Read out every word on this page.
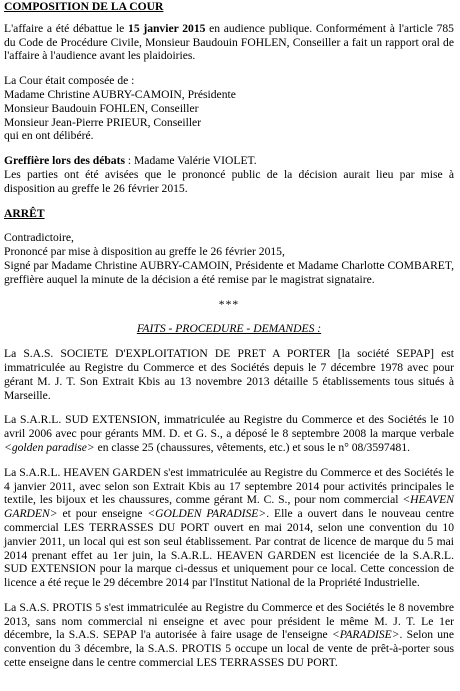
COMPOSITION DE LA COUR

L'affaire a été débattue le 15 janvier 2015 en audience publique. Conformément à l'article 785 du Code de Procédure Civile, Monsieur Baudouin FOHLEN, Conseiller a fait un rapport oral de l'affaire à l'audience avant les plaidoiries.

La Cour était composée de :

Madame Christine AUBRY-CAMOIN, Présidente

Monsieur Baudouin FOHLEN, Conseiller

Monsieur Jean-Pierre PRIEUR, Conseiller

qui en ont délibéré.

Greffière lors des débats : Madame Valérie VIOLET.

Les parties ont été avisées que le prononcé public de la décision aurait lieu par mise à disposition au greffe le 26 février 2015.

ARRÊT

Contradictoire,

Prononcé par mise à disposition au greffe le 26 février 2015,

Signé par Madame Christine AUBRY-CAMOIN, Présidente et Madame Charlotte COMBARET, greffière auquel la minute de la décision a été remise par le magistrat signataire.

***

FAITS - PROCEDURE - DEMANDES :

La S.A.S. SOCIETE D'EXPLOITATION DE PRET A PORTER [la société SEPAP] est immatriculée au Registre du Commerce et des Sociétés depuis le 7 décembre 1978 avec pour gérant M. J. T. Son Extrait Kbis au 13 novembre 2013 détaille 5 établissements tous situés à Marseille.

La S.A.R.L. SUD EXTENSION, immatriculée au Registre du Commerce et des Sociétés le 10 avril 2006 avec pour gérants MM. D. et G. S., a déposé le 8 septembre 2008 la marque verbale <golden paradise> en classe 25 (chaussures, vêtements, etc.) et sous le n° 08/3597481.

La S.A.R.L. HEAVEN GARDEN s'est immatriculée au Registre du Commerce et des Sociétés le 4 janvier 2011, avec selon son Extrait Kbis au 17 septembre 2014 pour activités principales le textile, les bijoux et les chaussures, comme gérant M. C. S., pour nom commercial <HEAVEN GARDEN> et pour enseigne <GOLDEN PARADISE>. Elle a ouvert dans le nouveau centre commercial LES TERRASSES DU PORT ouvert en mai 2014, selon une convention du 10 janvier 2011, un local qui est son seul établissement. Par contrat de licence de marque du 5 mai 2014 prenant effet au 1er juin, la S.A.R.L. HEAVEN GARDEN est licenciée de la S.A.R.L. SUD EXTENSION pour la marque ci-dessus et uniquement pour ce local. Cette concession de licence a été reçue le 29 décembre 2014 par l'Institut National de la Propriété Industrielle.

La S.A.S. PROTIS 5 s'est immatriculée au Registre du Commerce et des Sociétés le 8 novembre 2013, sans nom commercial ni enseigne et avec pour président le même M. J. T. Le 1er décembre, la S.A.S. SEPAP l'a autorisée à faire usage de l'enseigne <PARADISE>. Selon une convention du 3 décembre, la S.A.S. PROTIS 5 occupe un local de vente de prêt-à-porter sous cette enseigne dans le centre commercial LES TERRASSES DU PORT.
